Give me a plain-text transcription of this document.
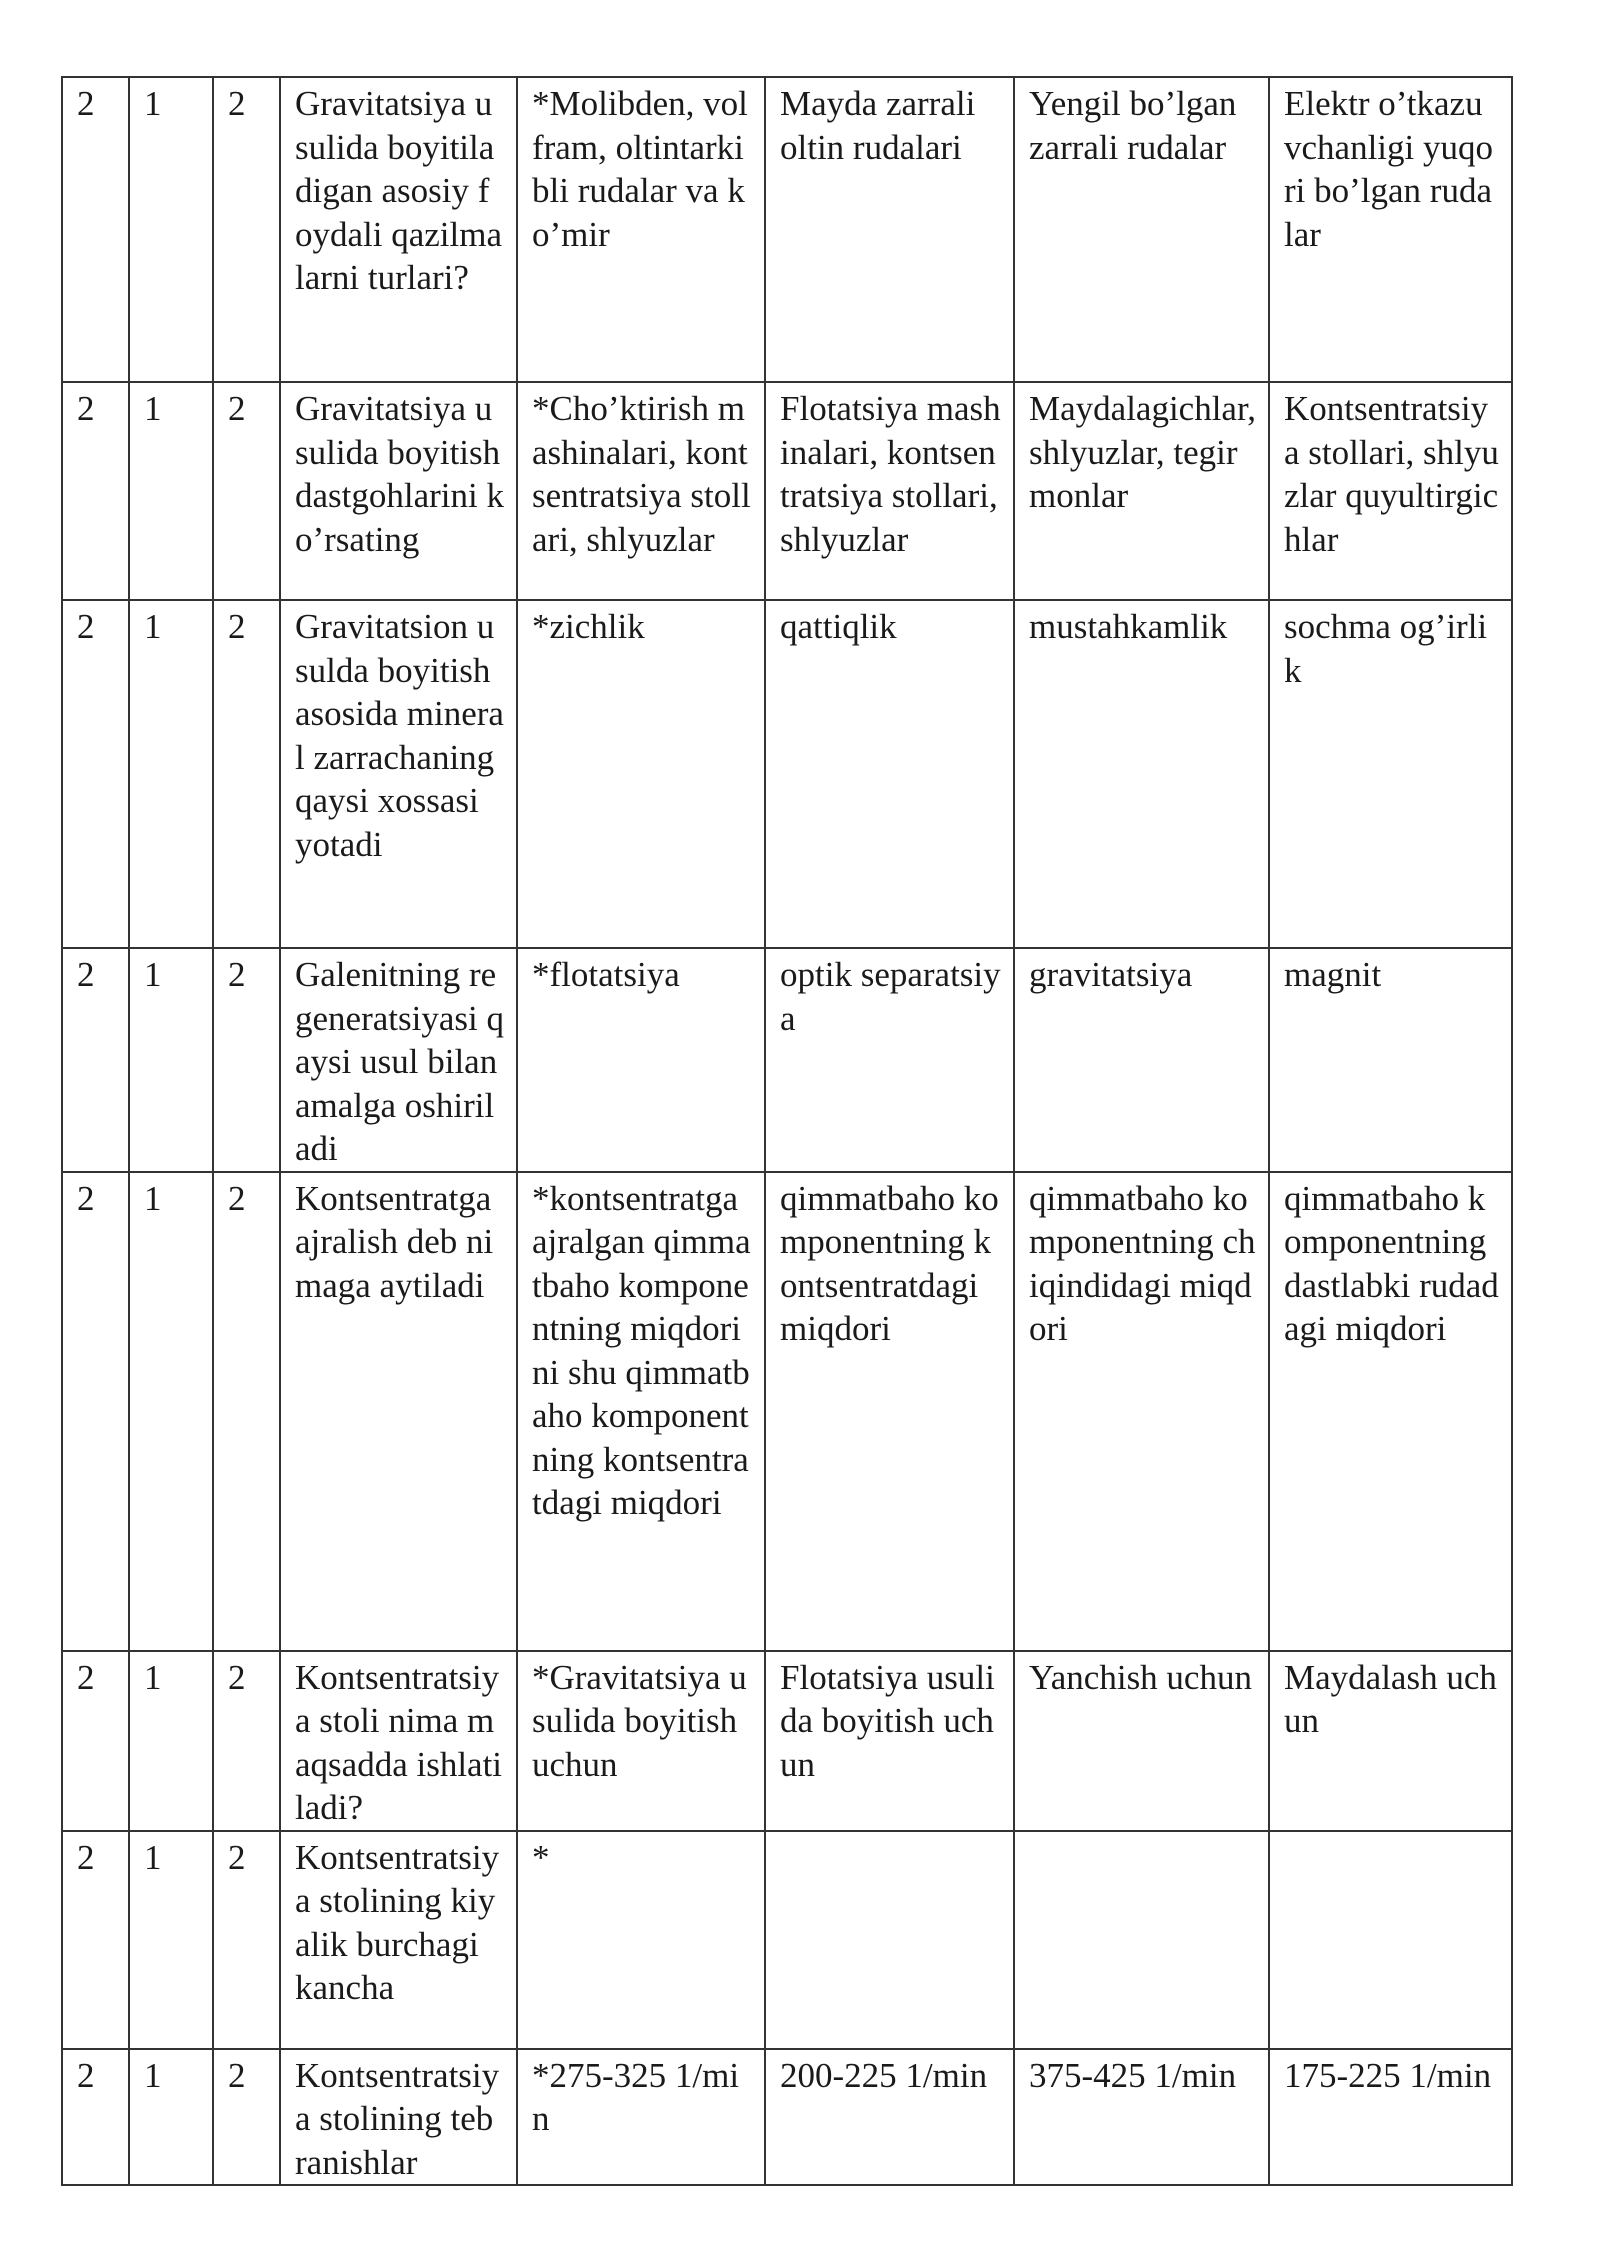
2	1	2	Gravitatsiya usulida boyitiladigan asosiy foydali qazilmalarni turlari?	*Molibden, volfram, oltintarkibli rudalar va ko’mir	Mayda zarrali oltin rudalari	Yengil bo’lgan zarrali rudalar	Elektr o’tkazuvchanligi yuqori bo’lgan rudalar
2	1	2	Gravitatsiya usulida boyitish dastgohlarini ko’rsating	*Cho’ktirish mashinalari, kontsentratsiya stollari, shlyuzlar	Flotatsiya mashinalari, kontsentratsiya stollari, shlyuzlar	Maydalagichlar, shlyuzlar, tegirmonlar	Kontsentratsiya stollari, shlyuzlar quyultirgichlar
2	1	2	Gravitatsion usulda boyitish asosida mineral zarrachaning qaysi xossasi yotadi	*zichlik	qattiqlik	mustahkamlik	sochma og’irlik
2	1	2	Galenitning regeneratsiyasi qaysi usul bilan amalga oshiriladi	*flotatsiya	optik separatsiya	gravitatsiya	magnit
2	1	2	Kontsentratga ajralish deb nimaga aytiladi	*kontsentratga ajralgan qimmatbaho komponentning miqdorini shu qimmatbaho komponentning kontsentratdagi miqdori	qimmatbaho komponentning kontsentratdagi miqdori	qimmatbaho komponentning chiqindidagi miqdori	qimmatbaho komponentning dastlabki rudadagi miqdori
2	1	2	Kontsentratsiya stoli nima maqsadda ishlatiladi?	*Gravitatsiya usulida boyitish uchun	Flotatsiya usulida boyitish uchun	Yanchish uchun	Maydalash uchun
2	1	2	Kontsentratsiya stolining kiyalik burchagi kancha	*			
2	1	2	Kontsentratsiya stolining tebranishlar	*275-325 1/min	200-225 1/min	375-425 1/min	175-225 1/min
